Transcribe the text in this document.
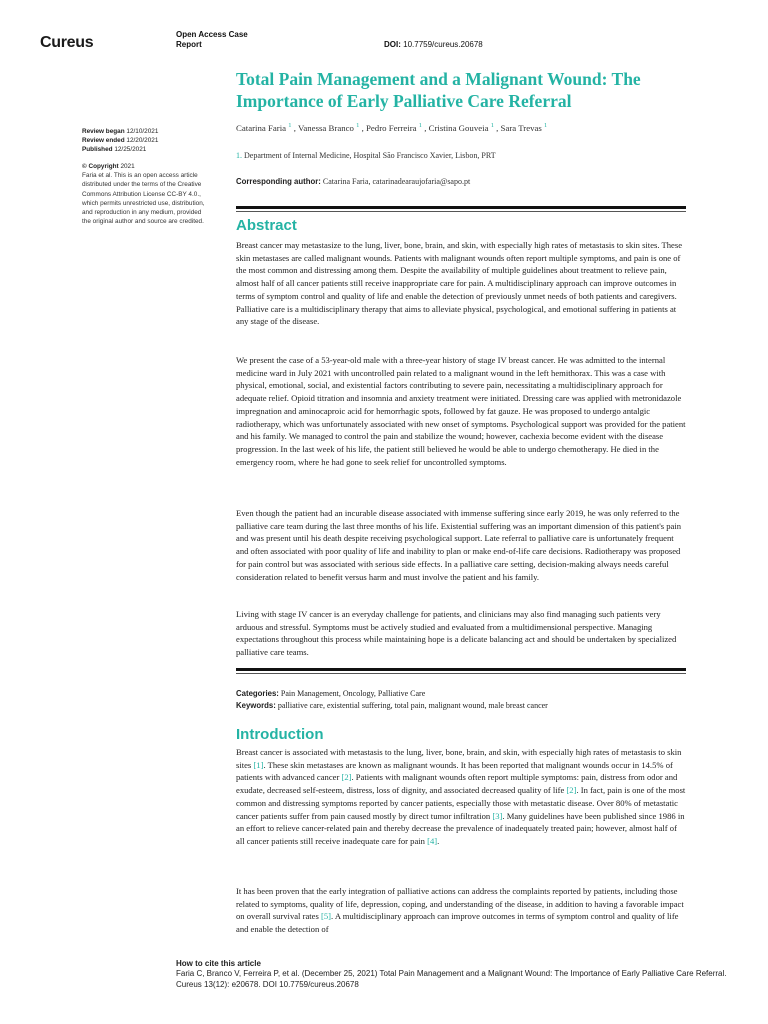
Cureus	Open Access Case Report	DOI: 10.7759/cureus.20678
Total Pain Management and a Malignant Wound: The Importance of Early Palliative Care Referral
Catarina Faria $^1$ , Vanessa Branco $^1$ , Pedro Ferreira $^1$ , Cristina Gouveia $^1$ , Sara Trevas $^1$
1. Department of Internal Medicine, Hospital São Francisco Xavier, Lisbon, PRT
Corresponding author: Catarina Faria, catarinadearaujofaria@sapo.pt
Review began 12/10/2021
Review ended 12/20/2021
Published 12/25/2021
© Copyright 2021
Faria et al. This is an open access article
distributed under the terms of the Creative
Commons Attribution License CC-BY 4.0.,
which permits unrestricted use, distribution,
and reproduction in any medium, provided
the original author and source are credited.	Abstract

Breast cancer may metastasize to the lung, liver, bone, brain, and skin, with especially high rates of metastasis to skin sites. These skin metastases are called malignant wounds. Patients with malignant wounds often report multiple symptoms, and pain is one of the most common and distressing among them. Despite the availability of multiple guidelines about treatment to relieve pain, almost half of all cancer patients still receive inappropriate care for pain. A multidisciplinary approach can improve outcomes in terms of symptom control and quality of life and enable the detection of previously unmet needs of both patients and caregivers. Palliative care is a multidisciplinary therapy that aims to alleviate physical, psychological, and emotional suffering in patients at any stage of the disease.

We present the case of a 53-year-old male with a three-year history of stage IV breast cancer. He was admitted to the internal medicine ward in July 2021 with uncontrolled pain related to a malignant wound in the left hemithorax. This was a case with physical, emotional, social, and existential factors contributing to severe pain, necessitating a multidisciplinary approach for adequate relief. Opioid titration and insomnia and anxiety treatment were initiated. Dressing care was applied with metronidazole impregnation and aminocaproic acid for hemorrhagic spots, followed by fat gauze. He was proposed to undergo antalgic radiotherapy, which was unfortunately associated with new onset of symptoms. Psychological support was provided for the patient and his family. We managed to control the pain and stabilize the wound; however, cachexia become evident with the disease progression. In the last week of his life, the patient still believed he would be able to undergo chemotherapy. He died in the emergency room, where he had gone to seek relief for uncontrolled symptoms.

Even though the patient had an incurable disease associated with immense suffering since early 2019, he was only referred to the palliative care team during the last three months of his life. Existential suffering was an important dimension of this patient's pain and was present until his death despite receiving psychological support. Late referral to palliative care is unfortunately frequent and often associated with poor quality of life and inability to plan or make end-of-life care decisions. Radiotherapy was proposed for pain control but was associated with serious side effects. In a palliative care setting, decision-making always needs careful consideration related to benefit versus harm and must involve the patient and his family.

Living with stage IV cancer is an everyday challenge for patients, and clinicians may also find managing such patients very arduous and stressful. Symptoms must be actively studied and evaluated from a multidimensional perspective. Managing expectations throughout this process while maintaining hope is a delicate balancing act and should be undertaken by specialized palliative care teams.

Categories: Pain Management, Oncology, Palliative Care
Keywords: palliative care, existential suffering, total pain, malignant wound, male breast cancer
Introduction

Breast cancer is associated with metastasis to the lung, liver, bone, brain, and skin, with especially high rates of metastasis to skin sites [1]. These skin metastases are known as malignant wounds. It has been reported that malignant wounds occur in 14.5% of patients with advanced cancer [2]. Patients with malignant wounds often report multiple symptoms: pain, distress from odor and exudate, decreased self-esteem, distress, loss of dignity, and associated decreased quality of life [2]. In fact, pain is one of the most common and distressing symptoms reported by cancer patients, especially those with metastatic disease. Over 80% of metastatic cancer patients suffer from pain caused mostly by direct tumor infiltration [3]. Many guidelines have been published since 1986 in an effort to relieve cancer-related pain and thereby decrease the prevalence of inadequately treated pain; however, almost half of all cancer patients still receive inadequate care for pain [4].

It has been proven that the early integration of palliative actions can address the complaints reported by patients, including those related to symptoms, quality of life, depression, coping, and understanding of the disease, in addition to having a favorable impact on overall survival rates [5]. A multidisciplinary approach can improve outcomes in terms of symptom control and quality of life and enable the detection of

How to cite this article
Faria C, Branco V, Ferreira P, et al. (December 25, 2021) Total Pain Management and a Malignant Wound: The Importance of Early Palliative Care Referral. Cureus 13(12): e20678. DOI 10.7759/cureus.20678
